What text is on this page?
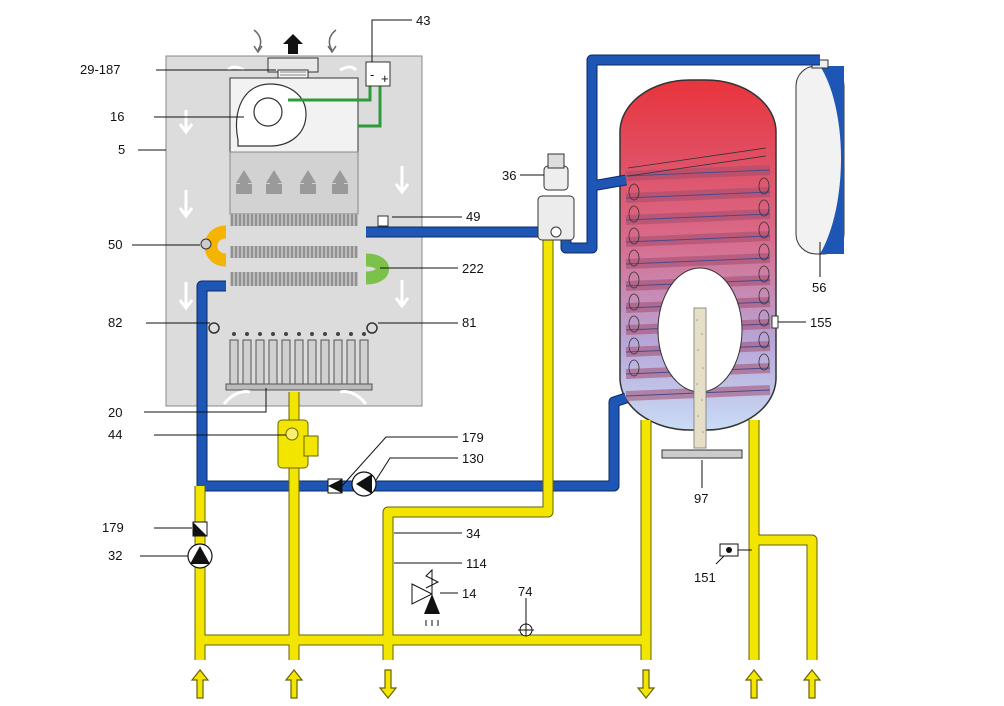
- +
29-187
16
5
50
82
20
44
179
32
43
36
49
222
81
179
130
34
114
14	74
97
56
155
151
